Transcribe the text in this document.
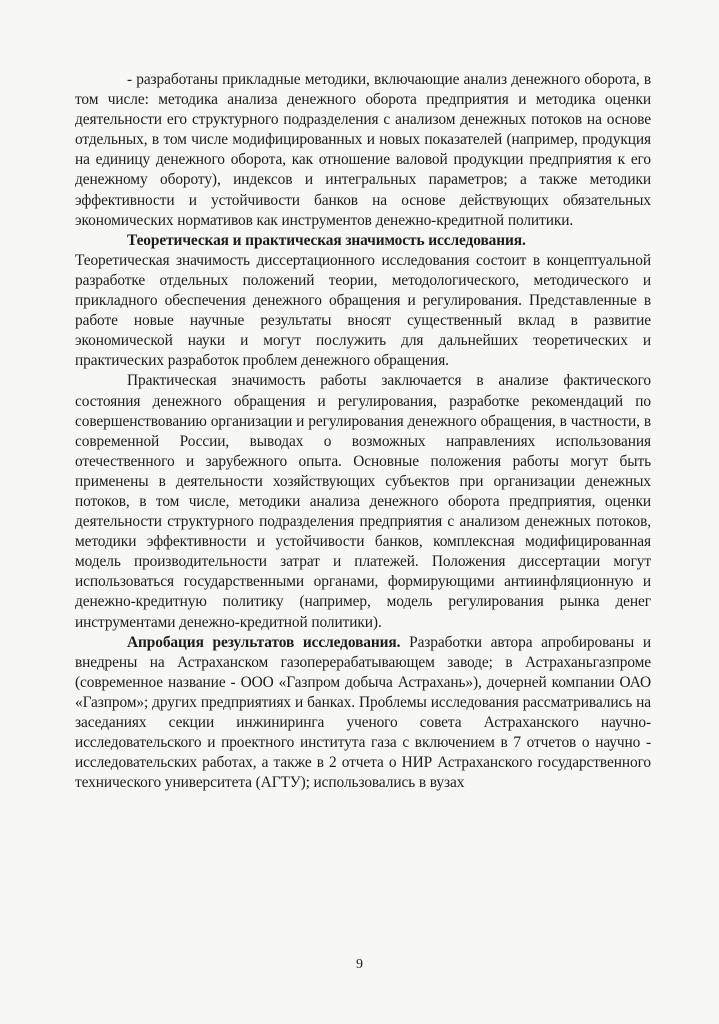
- разработаны прикладные методики, включающие анализ денежного оборота, в том числе: методика анализа денежного оборота предприятия и методика оценки деятельности его структурного подразделения с анализом денежных потоков на основе отдельных, в том числе модифицированных и новых показателей (например, продукция на единицу денежного оборота, как отношение валовой продукции предприятия к его денежному обороту), индексов и интегральных параметров; а также методики эффективности и устойчивости банков на основе действующих обязательных экономических нормативов как инструментов денежно-кредитной политики.

Теоретическая и практическая значимость исследования.

Теоретическая значимость диссертационного исследования состоит в концептуальной разработке отдельных положений теории, методологического, методического и прикладного обеспечения денежного обращения и регулирования. Представленные в работе новые научные результаты вносят существенный вклад в развитие экономической науки и могут послужить для дальнейших теоретических и практических разработок проблем денежного обращения.

Практическая значимость работы заключается в анализе фактического состояния денежного обращения и регулирования, разработке рекомендаций по совершенствованию организации и регулирования денежного обращения, в частности, в современной России, выводах о возможных направлениях использования отечественного и зарубежного опыта. Основные положения работы могут быть применены в деятельности хозяйствующих субъектов при организации денежных потоков, в том числе, методики анализа денежного оборота предприятия, оценки деятельности структурного подразделения предприятия с анализом денежных потоков, методики эффективности и устойчивости банков, комплексная модифицированная модель производительности затрат и платежей. Положения диссертации могут использоваться государственными органами, формирующими антиинфляционную и денежно-кредитную политику (например, модель регулирования рынка денег инструментами денежно-кредитной политики).

Апробация результатов исследования. Разработки автора апробированы и внедрены на Астраханском газоперерабатывающем заводе; в Астраханьгазпроме (современное название - ООО «Газпром добыча Астрахань»), дочерней компании ОАО «Газпром»; других предприятиях и банках. Проблемы исследования рассматривались на заседаниях секции инжиниринга ученого совета Астраханского научно-исследовательского и проектного института газа с включением в 7 отчетов о научно - исследовательских работах, а также в 2 отчета о НИР Астраханского государственного технического университета (АГТУ); использовались в вузах

9
